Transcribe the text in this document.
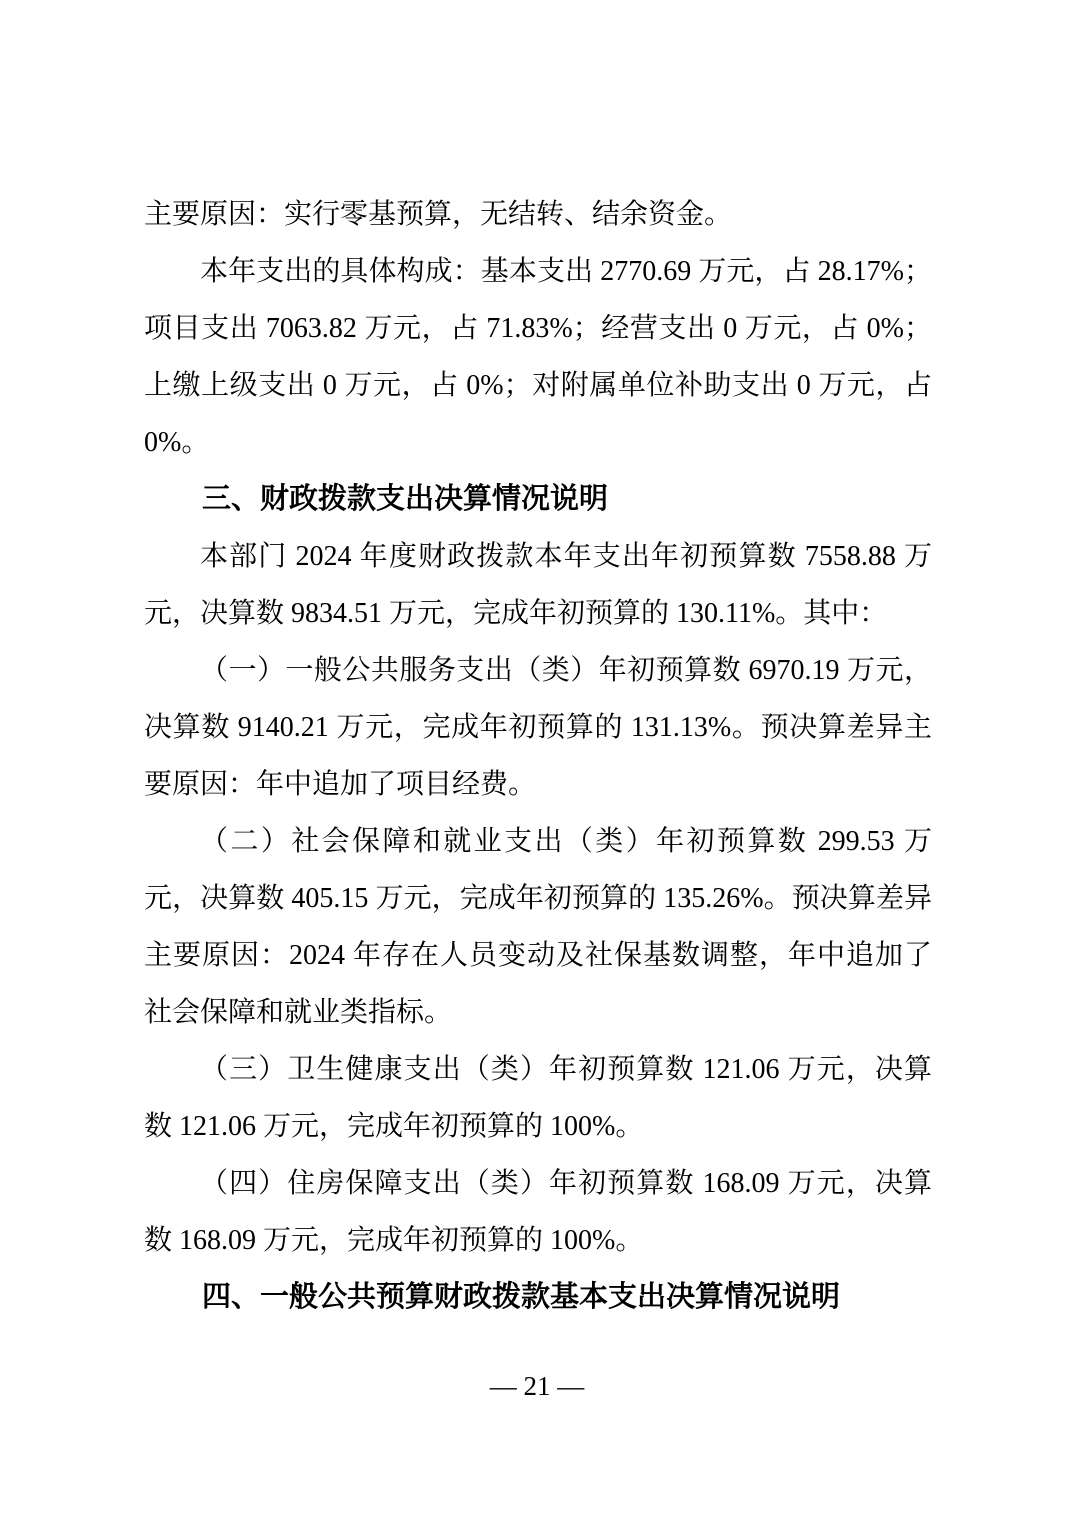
主要原因：实行零基预算，无结转、结余资金。

本年支出的具体构成：基本支出 2770.69 万元，占 28.17%；项目支出 7063.82 万元，占 71.83%；经营支出 0 万元，占 0%；上缴上级支出 0 万元，占 0%；对附属单位补助支出 0 万元，占 0%。

三、财政拨款支出决算情况说明

本部门 2024 年度财政拨款本年支出年初预算数 7558.88 万元，决算数 9834.51 万元，完成年初预算的 130.11%。其中：

（一）一般公共服务支出（类）年初预算数 6970.19 万元，决算数 9140.21 万元，完成年初预算的 131.13%。预决算差异主要原因：年中追加了项目经费。

（二）社会保障和就业支出（类）年初预算数 299.53 万元，决算数 405.15 万元，完成年初预算的 135.26%。预决算差异主要原因：2024 年存在人员变动及社保基数调整，年中追加了社会保障和就业类指标。

（三）卫生健康支出（类）年初预算数 121.06 万元，决算数 121.06 万元，完成年初预算的 100%。

（四）住房保障支出（类）年初预算数 168.09 万元，决算数 168.09 万元，完成年初预算的 100%。

四、一般公共预算财政拨款基本支出决算情况说明
— 21 —
